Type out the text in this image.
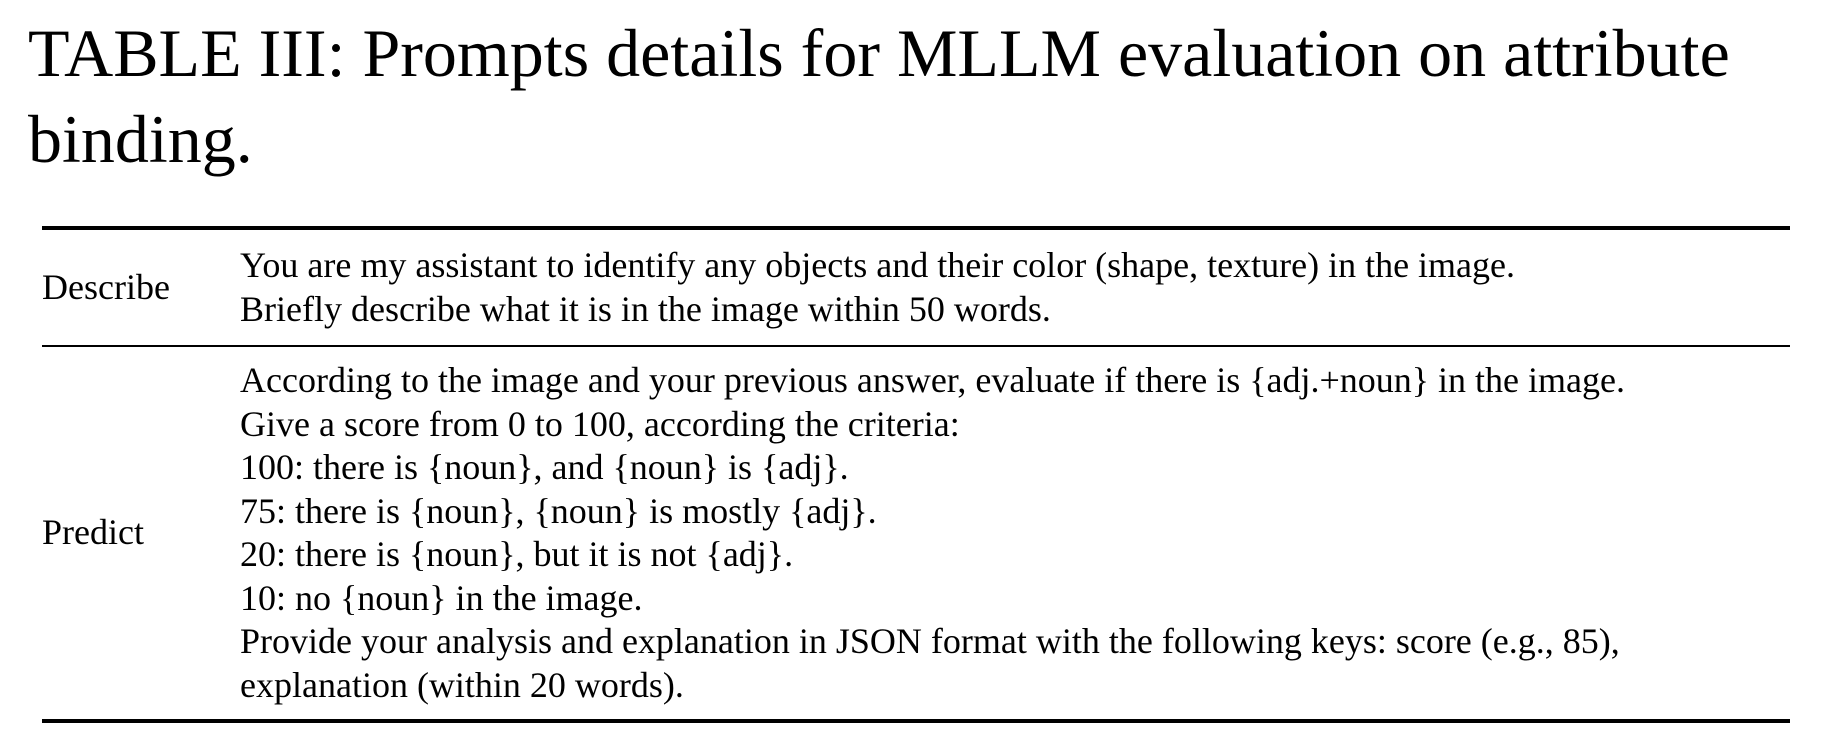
TABLE III: Prompts details for MLLM evaluation on attribute binding.
Describe
You are my assistant to identify any objects and their color (shape, texture) in the image.
Briefly describe what it is in the image within 50 words.
Predict
According to the image and your previous answer, evaluate if there is {adj.+noun} in the image.
Give a score from 0 to 100, according the criteria:
100: there is {noun}, and {noun} is {adj}.
75: there is {noun}, {noun} is mostly {adj}.
20: there is {noun}, but it is not {adj}.
10: no {noun} in the image.
Provide your analysis and explanation in JSON format with the following keys: score (e.g., 85),
explanation (within 20 words).
